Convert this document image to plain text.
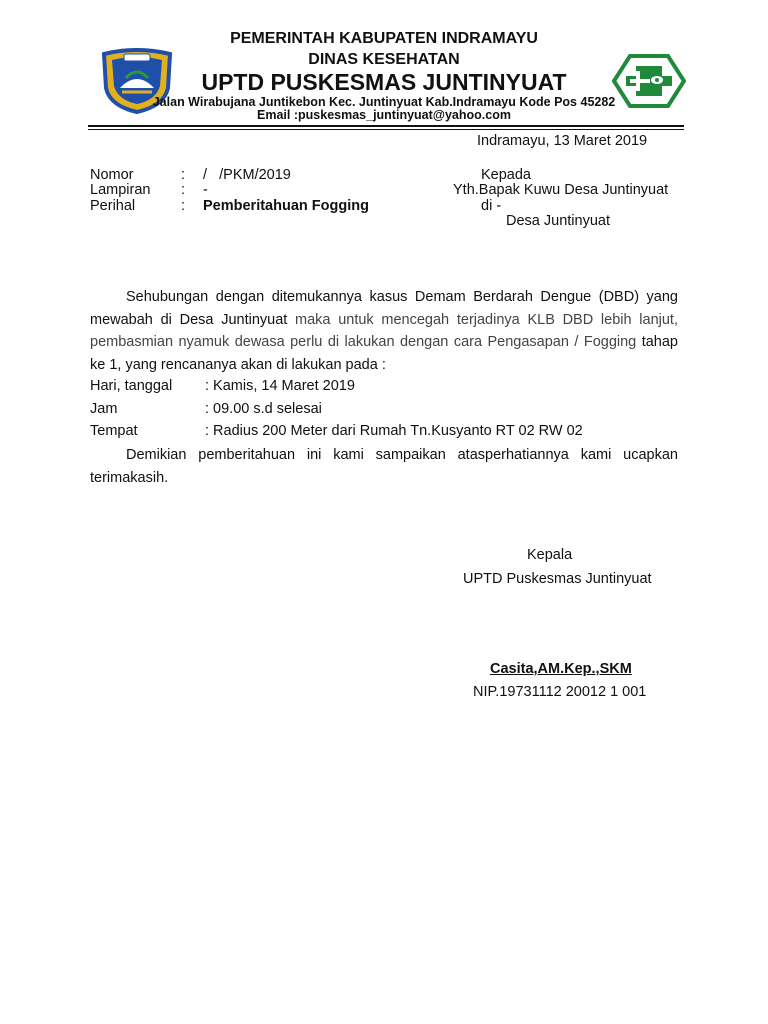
PEMERINTAH KABUPATEN INDRAMAYU
DINAS KESEHATAN
UPTD PUSKESMAS JUNTINYUAT
Jalan Wirabujana Juntikebon Kec. Juntinyuat Kab.Indramayu Kode Pos 45282
Email :puskesmas_juntinyuat@yahoo.com
Indramayu, 13 Maret 2019
Nomor	: /   /PKM/2019
Lampiran : -
Perihal	: Pemberitahuan Fogging
Kepada
Yth.Bapak Kuwu Desa Juntinyuat
di -
Desa Juntinyuat

Sehubungan dengan ditemukannya kasus Demam Berdarah Dengue (DBD) yang mewabah di Desa Juntinyuat maka untuk mencegah terjadinya KLB DBD lebih lanjut, pembasmian nyamuk dewasa perlu di lakukan dengan cara Pengasapan / Fogging tahap ke 1, yang rencananya akan di lakukan pada :

Hari, tanggal : Kamis, 14 Maret 2019
Jam	: 09.00 s.d selesai
Tempat	: Radius 200 Meter dari Rumah Tn.Kusyanto RT 02 RW 02

Demikian pemberitahuan ini kami sampaikan atasperhatiannya kami ucapkan terimakasih.

Kepala
UPTD Puskesmas Juntinyuat
Casita,AM.Kep.,SKM
NIP.19731112 20012 1 001
